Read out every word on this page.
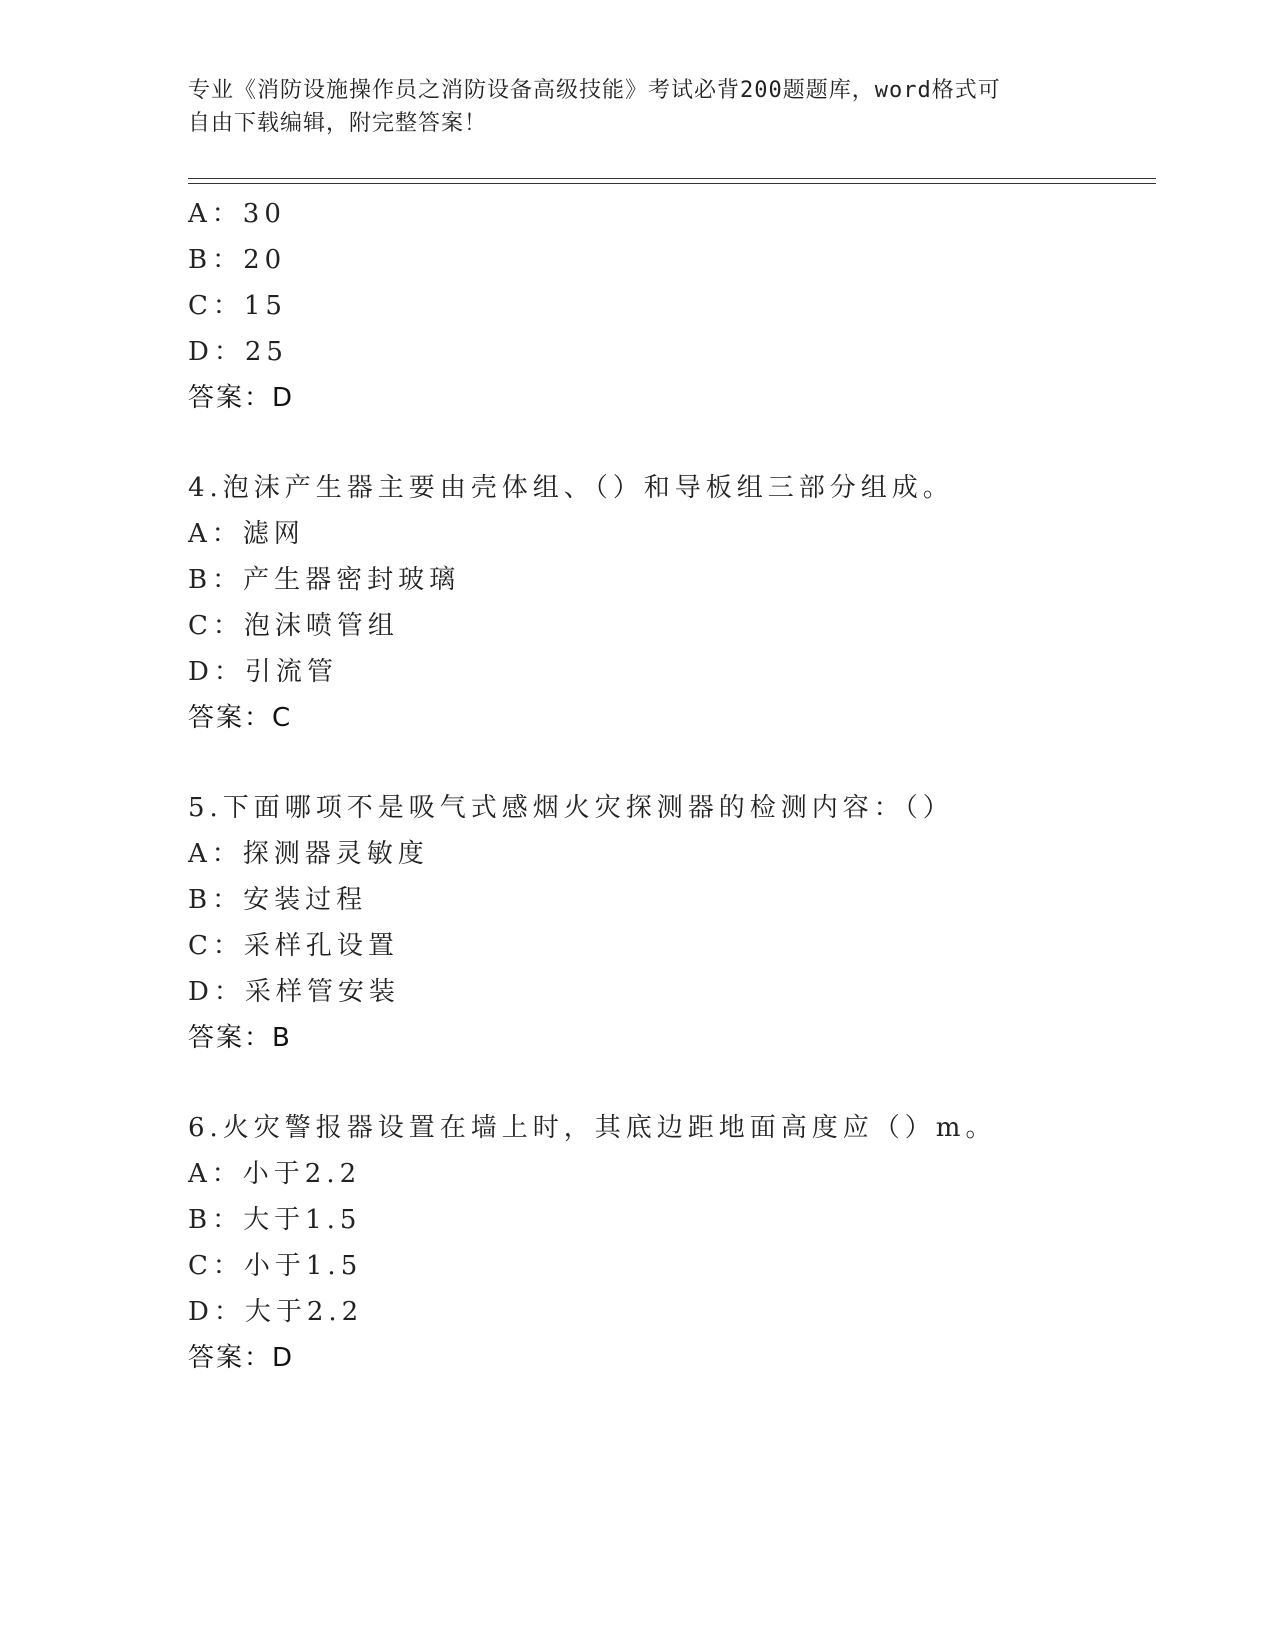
专业《消防设施操作员之消防设备高级技能》考试必背200题题库，word格式可
自由下载编辑，附完整答案！
A：30
B：20
C：15
D：25
答案：D
4.泡沫产生器主要由壳体组、（）和导板组三部分组成。
A：滤网
B：产生器密封玻璃
C：泡沫喷管组
D：引流管
答案：C
5.下面哪项不是吸气式感烟火灾探测器的检测内容：（）
A：探测器灵敏度
B：安装过程
C：采样孔设置
D：采样管安装
答案：B
6.火灾警报器设置在墙上时，其底边距地面高度应（）m。
A：小于2.2
B：大于1.5
C：小于1.5
D：大于2.2
答案：D
